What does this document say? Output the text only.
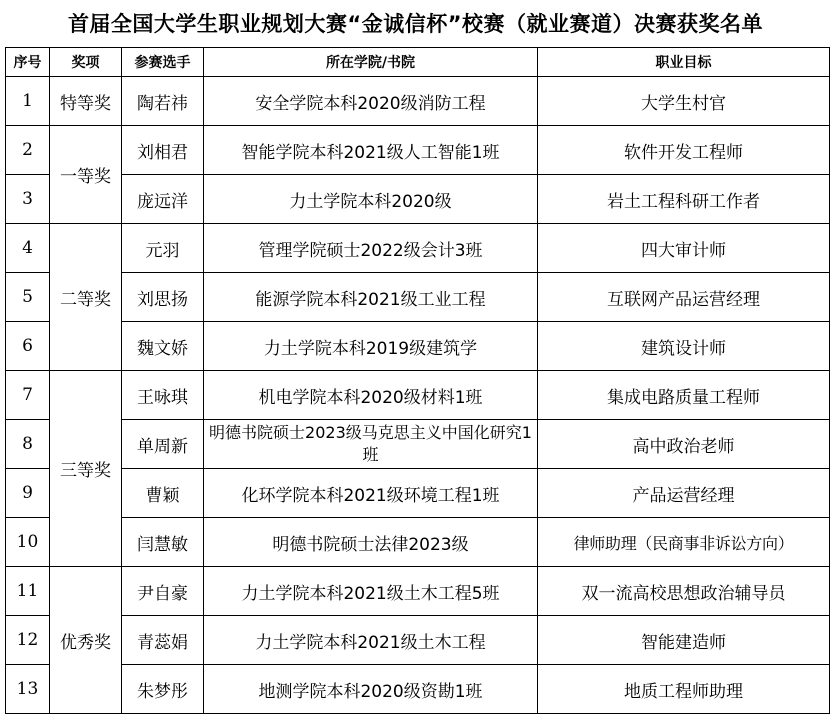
首届全国大学生职业规划大赛“金诚信杯”校赛（就业赛道）决赛获奖名单
序号	奖项	参赛选手	所在学院/书院	职业目标
1	特等奖	陶若祎	安全学院本科2020级消防工程	大学生村官
2	一等奖	刘相君	智能学院本科2021级人工智能1班	软件开发工程师
3		庞远洋	力土学院本科2020级	岩土工程科研工作者
4	二等奖	元羽	管理学院硕士2022级会计3班	四大审计师
5		刘思扬	能源学院本科2021级工业工程	互联网产品运营经理
6		魏文娇	力土学院本科2019级建筑学	建筑设计师
7	三等奖	王咏琪	机电学院本科2020级材料1班	集成电路质量工程师
8		单周新	明德书院硕士2023级马克思主义中国化研究1班	高中政治老师
9		曹颖	化环学院本科2021级环境工程1班	产品运营经理
10		闫慧敏	明德书院硕士法律2023级	律师助理（民商事非诉讼方向）
11	优秀奖	尹自豪	力土学院本科2021级土木工程5班	双一流高校思想政治辅导员
12		青蕊娟	力土学院本科2021级土木工程	智能建造师
13		朱梦彤	地测学院本科2020级资勘1班	地质工程师助理
